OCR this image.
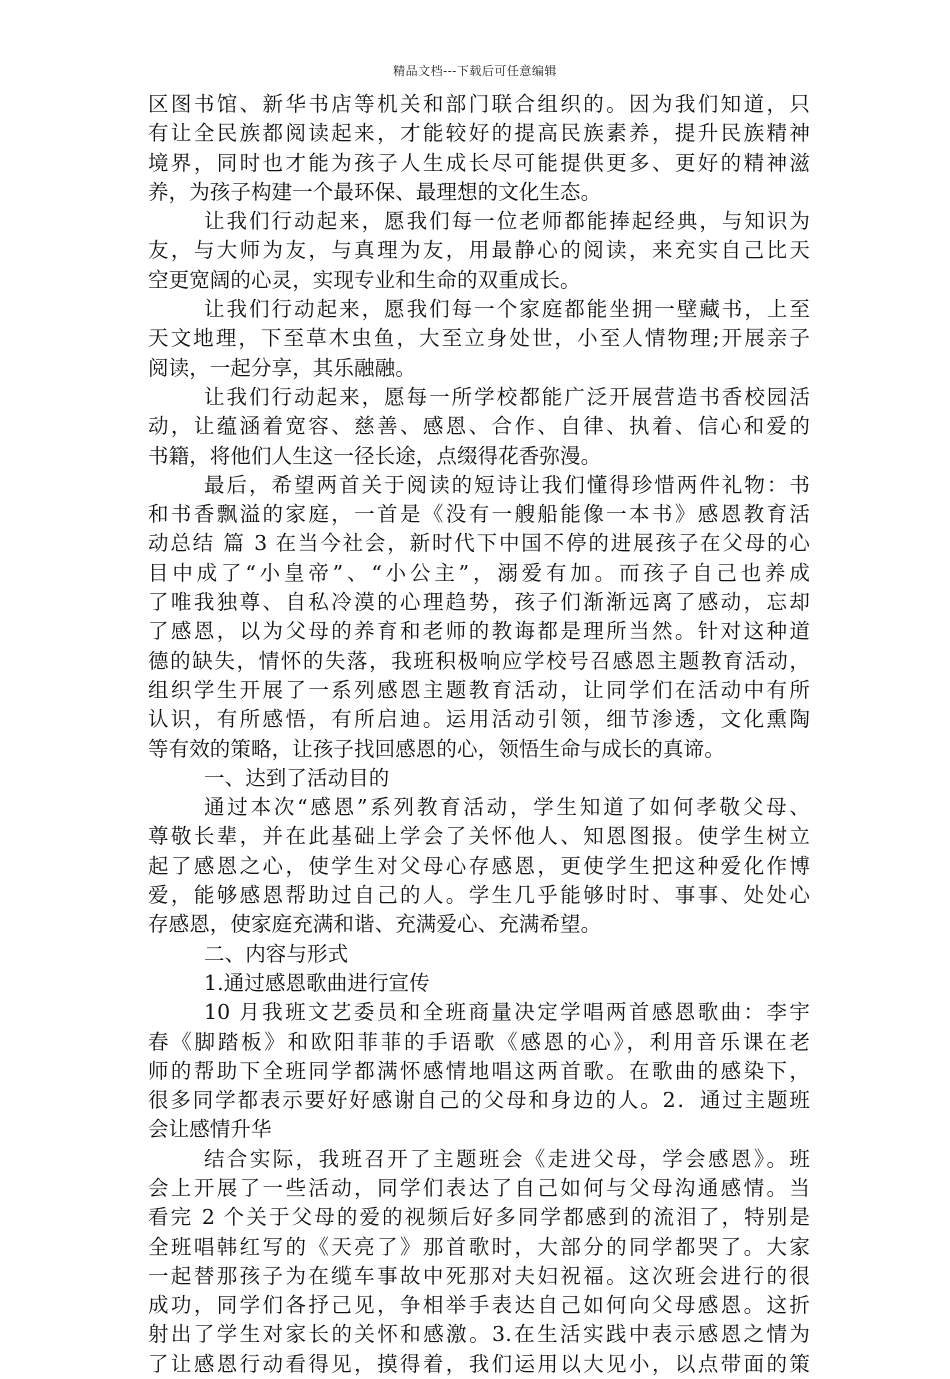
精品文档---下载后可任意编辑
区图书馆、新华书店等机关和部门联合组织的。因为我们知道，只
有让全民族都阅读起来，才能较好的提高民族素养，提升民族精神
境界，同时也才能为孩子人生成长尽可能提供更多、更好的精神滋
养，为孩子构建一个最环保、最理想的文化生态。
让我们行动起来，愿我们每一位老师都能捧起经典，与知识为
友，与大师为友，与真理为友，用最静心的阅读，来充实自己比天
空更宽阔的心灵，实现专业和生命的双重成长。
让我们行动起来，愿我们每一个家庭都能坐拥一壁藏书，上至
天文地理，下至草木虫鱼，大至立身处世，小至人情物理;开展亲子
阅读，一起分享，其乐融融。
让我们行动起来，愿每一所学校都能广泛开展营造书香校园活
动，让蕴涵着宽容、慈善、感恩、合作、自律、执着、信心和爱的
书籍，将他们人生这一径长途，点缀得花香弥漫。
最后，希望两首关于阅读的短诗让我们懂得珍惜两件礼物：书
和书香飘溢的家庭，一首是《没有一艘船能像一本书》感恩教育活
动总结 篇 3 在当今社会，新时代下中国不停的进展孩子在父母的心
目中成了“小皇帝”、“小公主”，溺爱有加。而孩子自己也养成
了唯我独尊、自私冷漠的心理趋势，孩子们渐渐远离了感动，忘却
了感恩，以为父母的养育和老师的教诲都是理所当然。针对这种道
德的缺失，情怀的失落，我班积极响应学校号召感恩主题教育活动，
组织学生开展了一系列感恩主题教育活动，让同学们在活动中有所
认识，有所感悟，有所启迪。运用活动引领，细节渗透，文化熏陶
等有效的策略，让孩子找回感恩的心，领悟生命与成长的真谛。
一、达到了活动目的
通过本次“感恩”系列教育活动，学生知道了如何孝敬父母、
尊敬长辈，并在此基础上学会了关怀他人、知恩图报。使学生树立
起了感恩之心，使学生对父母心存感恩，更使学生把这种爱化作博
爱，能够感恩帮助过自己的人。学生几乎能够时时、事事、处处心
存感恩，使家庭充满和谐、充满爱心、充满希望。
二、内容与形式
1.通过感恩歌曲进行宣传
10 月我班文艺委员和全班商量决定学唱两首感恩歌曲：李宇
春《脚踏板》和欧阳菲菲的手语歌《感恩的心》，利用音乐课在老
师的帮助下全班同学都满怀感情地唱这两首歌。在歌曲的感染下，
很多同学都表示要好好感谢自己的父母和身边的人。2．通过主题班
会让感情升华
结合实际，我班召开了主题班会《走进父母，学会感恩》。班
会上开展了一些活动，同学们表达了自己如何与父母沟通感情。当
看完 2 个关于父母的爱的视频后好多同学都感到的流泪了，特别是
全班唱韩红写的《天亮了》那首歌时，大部分的同学都哭了。大家
一起替那孩子为在缆车事故中死那对夫妇祝福。这次班会进行的很
成功，同学们各抒己见，争相举手表达自己如何向父母感恩。这折
射出了学生对家长的关怀和感激。3.在生活实践中表示感恩之情为
了让感恩行动看得见，摸得着，我们运用以大见小，以点带面的策
